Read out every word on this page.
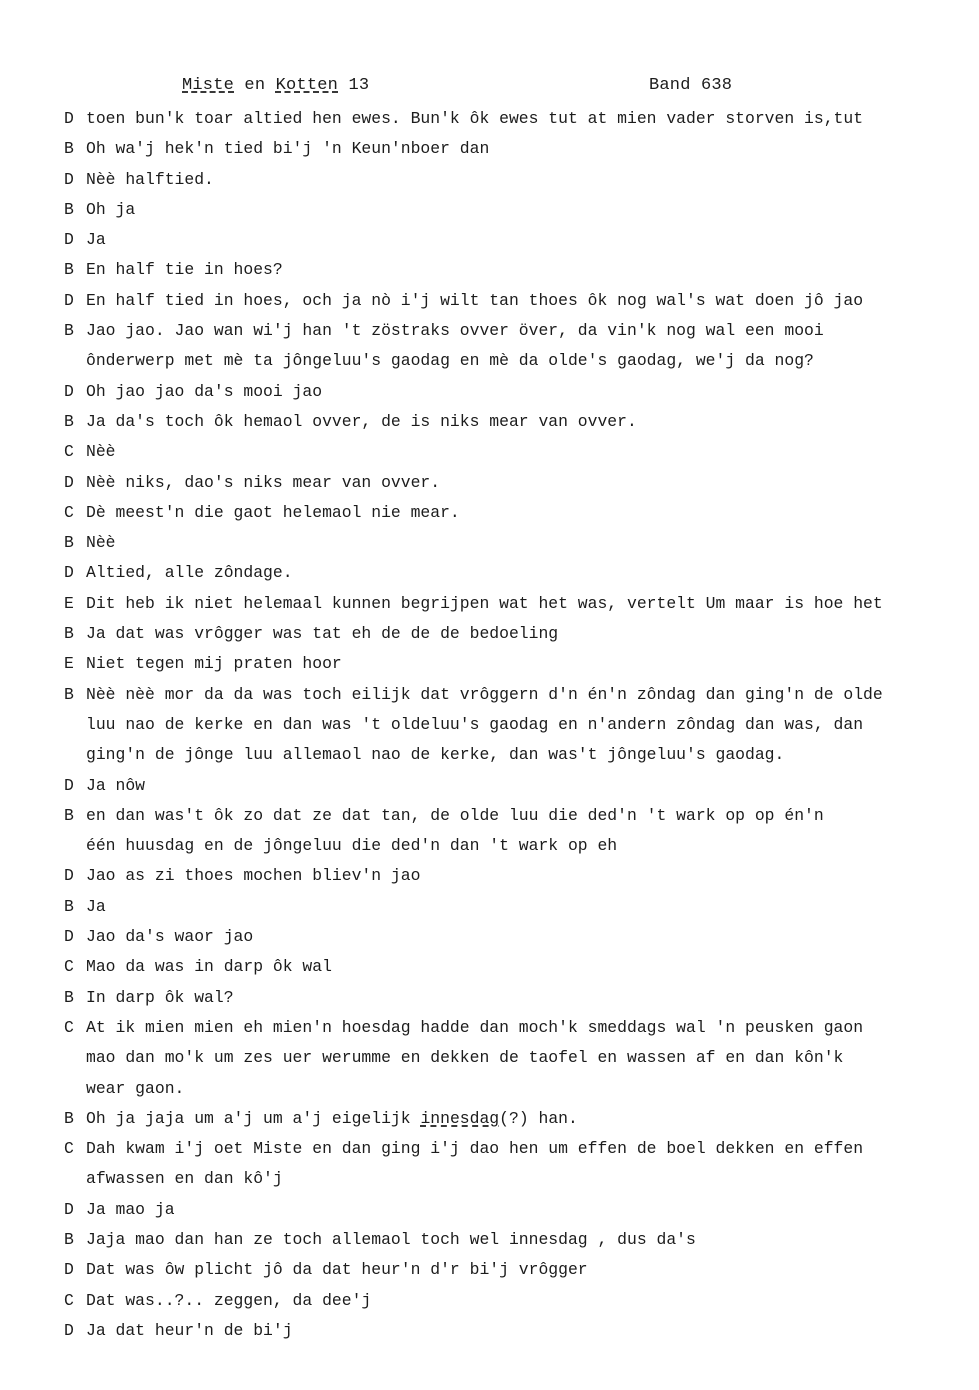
Miste en Kotten 13	Band 638
D toen bun'k toar altied hen ewes. Bun'k ôk ewes tut at mien vader storven is,tut
B Oh wa'j hek'n tied bi'j 'n Keun'nboer dan
D Nèè halftied.
B Oh ja
D Ja
B En half tie in hoes?
D En half tied in hoes, och ja nò i'j wilt tan thoes ôk nog wal's wat doen jô jao
B Jao jao. Jao wan wi'j han 't zöstraks ovver över, da vin'k nog wal een mooi
ônderwerp met mè ta jôngeluu's gaodag en mè da olde's gaodag, we'j da nog?
D Oh jao jao da's mooi jao
B Ja da's toch ôk hemaol ovver, de is niks mear van ovver.
C Nèè
D Nèè niks, dao's niks mear van ovver.
C Dè meest'n die gaot helemaol nie mear.
B Nèè
D Altied, alle zôndage.
E Dit heb ik niet helemaal kunnen begrijpen wat het was, vertelt Um maar is hoe het
B Ja dat was vrôgger was tat eh de de de bedoeling
E Niet tegen mij praten hoor
B Nèè nèè mor da da was toch eilijk dat vrôggern d'n én'n zôndag dan ging'n de olde
luu nao de kerke en dan was 't oldeluu's gaodag en n'andern zôndag dan was, dan
ging'n de jônge luu allemaol nao de kerke, dan was't jôngeluu's gaodag.
D Ja nôw
B en dan was't ôk zo dat ze dat tan, de olde luu die ded'n 't wark op op én'n
één huusdag en de jôngeluu die ded'n dan 't wark op eh
D Jao as zi thoes mochen bliev'n jao
B Ja
D Jao da's waor jao
C Mao da was in darp ôk wal
B In darp ôk wal?
C At ik mien mien eh mien'n hoesdag hadde dan moch'k smeddags wal 'n peusken gaon
mao dan mo'k um zes uer werumme en dekken de taofel en wassen af en dan kôn'k
wear gaon.
B Oh ja jaja um a'j um a'j eigelijk innesdag(?) han.
C Dah kwam i'j oet Miste en dan ging i'j dao hen um effen de boel dekken en effen
afwassen en dan kô'j
D Ja mao ja
B Jaja mao dan han ze toch allemaol toch wel innesdag , dus da's
D Dat was ôw plicht jô da dat heur'n d'r bi'j vrôgger
C Dat was..?.. zeggen, da dee'j
D Ja dat heur'n de bi'j
